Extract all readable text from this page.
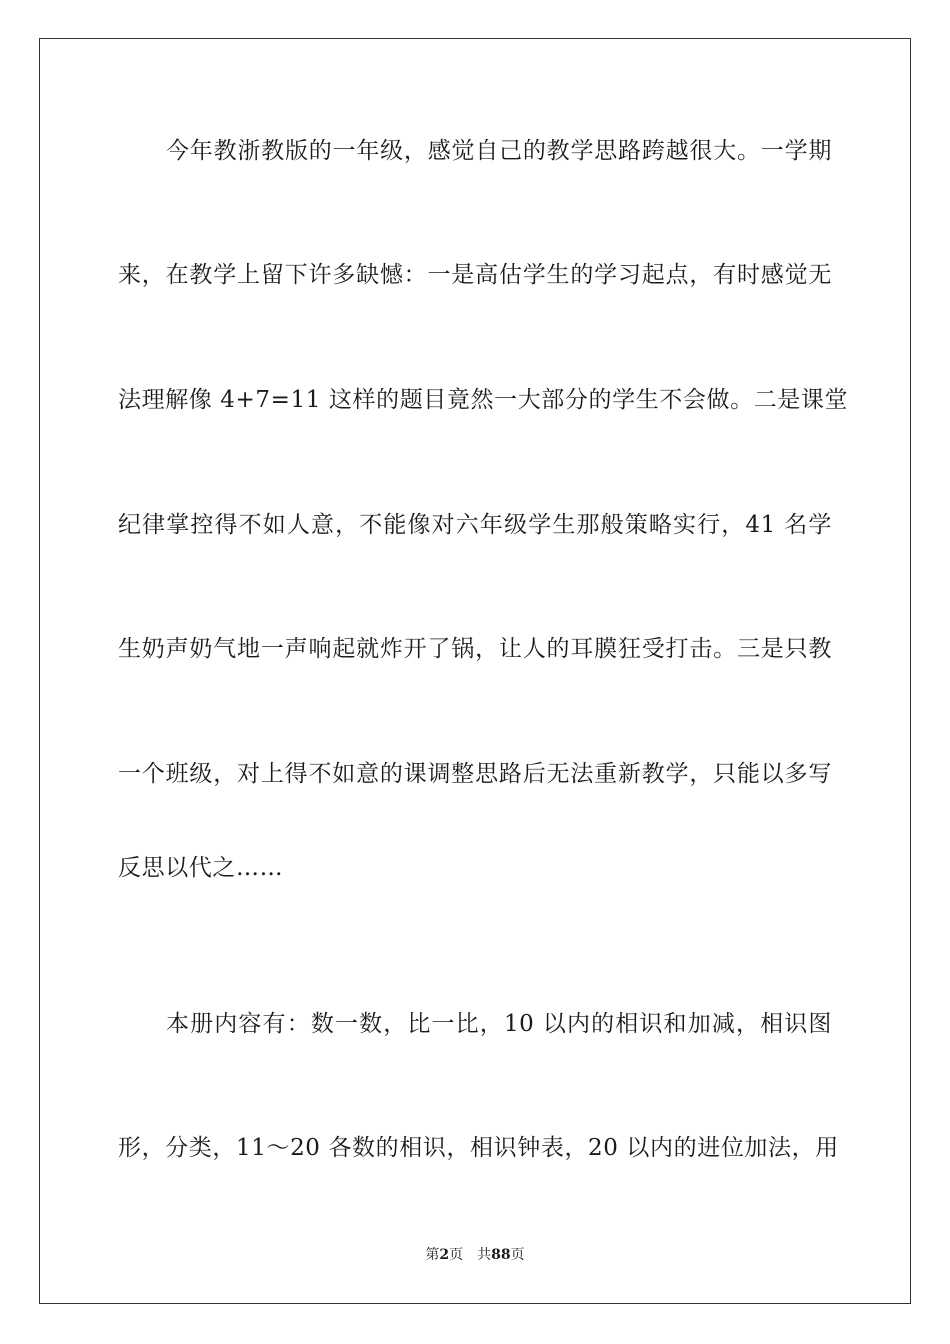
今年教浙教版的一年级，感觉自己的教学思路跨越很大。一学期
来，在教学上留下许多缺憾：一是高估学生的学习起点，有时感觉无
法理解像 4+7=11 这样的题目竟然一大部分的学生不会做。二是课堂
纪律掌控得不如人意，不能像对六年级学生那般策略实行，41 名学
生奶声奶气地一声响起就炸开了锅，让人的耳膜狂受打击。三是只教
一个班级，对上得不如意的课调整思路后无法重新教学，只能以多写
反思以代之……
本册内容有：数一数，比一比，10 以内的相识和加减，相识图
形，分类，11～20 各数的相识，相识钟表，20 以内的进位加法，用
第2页 共88页
